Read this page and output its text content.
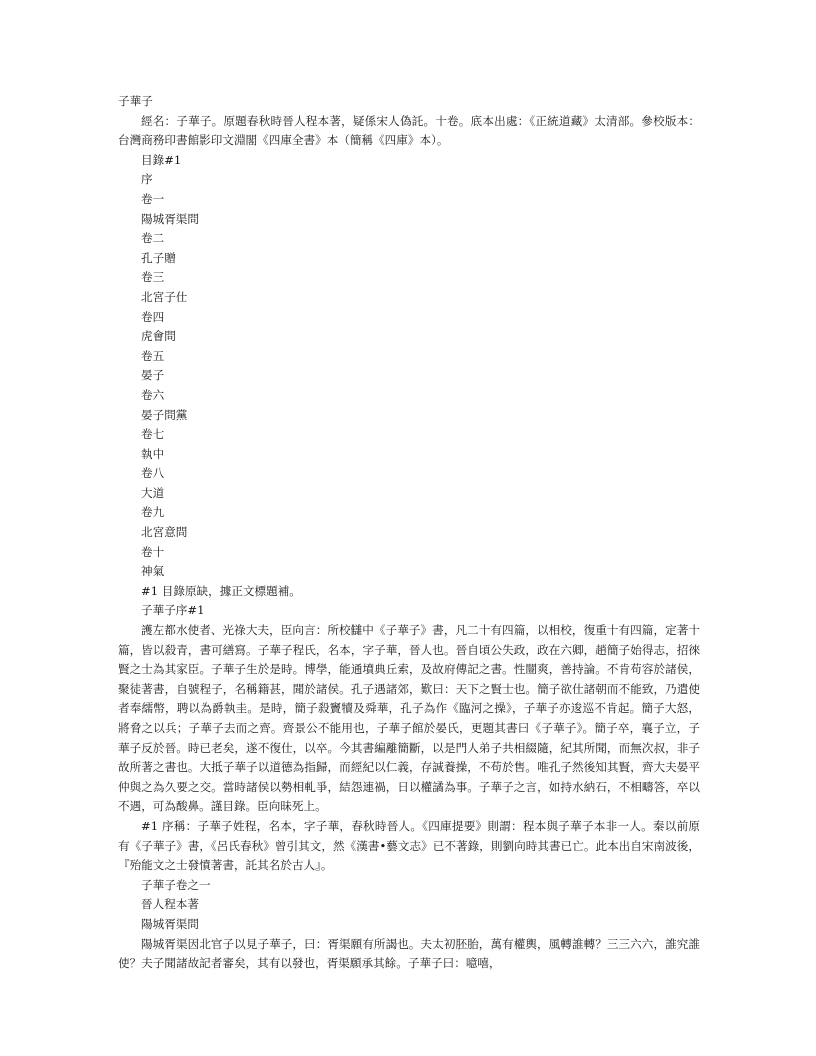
子華子
經名：子華子。原題春秋時晉人程本著，疑係宋人偽託。十卷。底本出處：《正統道藏》太清部。參校版本：台灣商務印書館影印文淵閣《四庫全書》本（簡稱《四庫》本）。
目錄#1
序
卷一
陽城胥渠問
卷二
孔子贈
卷三
北宮子仕
卷四
虎會問
卷五
晏子
卷六
晏子問黨
卷七
執中
卷八
大道
卷九
北宮意問
卷十
神氣
#1 目錄原缺，據正文標題補。
子華子序#1
護左都水使者、光祿大夫，臣向言：所校讎中《子華子》書，凡二十有四篇，以相校，復重十有四篇，定著十篇，皆以殺青，書可繕寫。子華子程氏，名本，字子華，晉人也。晉自頃公失政，政在六卿，趙簡子始得志，招徠賢之士為其家臣。子華子生於是時。博學，能通墳典丘索，及故府傳記之書。性闓爽，善持論。不肯苟容於諸侯，聚徒著書，自號程子，名稱籍甚，聞於諸侯。孔子遇諸郊，歎曰：天下之賢士也。簡子欲仕諸朝而不能致，乃遣使者奉繻幣，聘以為爵執圭。是時，簡子殺竇犢及舜華，孔子為作《臨河之操》，子華子亦逡巡不肯起。簡子大怒，將脅之以兵；子華子去而之齊。齊景公不能用也，子華子館於晏氏，更題其書曰《子華子》。簡子卒，襄子立，子華子反於晉。時已老矣，遂不復仕，以卒。今其書編離簡斷，以是門人弟子共相綴隨，紀其所聞，而無次叔，非子故所著之書也。大抵子華子以道德為指歸，而經紀以仁義，存誠養操，不苟於售。唯孔子然後知其賢，齊大夫晏平仲與之為久要之交。當時諸侯以勢相軋爭，結怨連禍，日以權譎為事。子華子之言，如持水納石，不相疇答，卒以不遇，可為酸鼻。謹目錄。臣向昧死上。
#1 序稱：子華子姓程，名本，字子華，春秋時晉人。《四庫提要》則謂：程本與子華子本非一人。秦以前原有《子華子》書，《呂氏春秋》曾引其文，然《漢書•藝文志》已不著錄，則劉向時其書已亡。此本出自宋南波後，『殆能文之士發憤著書，託其名於古人』。
子華子卷之一
晉人程本著
陽城胥渠問
陽城胥渠因北官子以見子華子，曰：胥渠願有所謁也。夫太初胚胎，萬有權輿，風轉誰轉？三三六六，誰究誰使？夫子聞諸故記者審矣，其有以發也，胥渠願承其餘。子華子曰：噫嘻，
